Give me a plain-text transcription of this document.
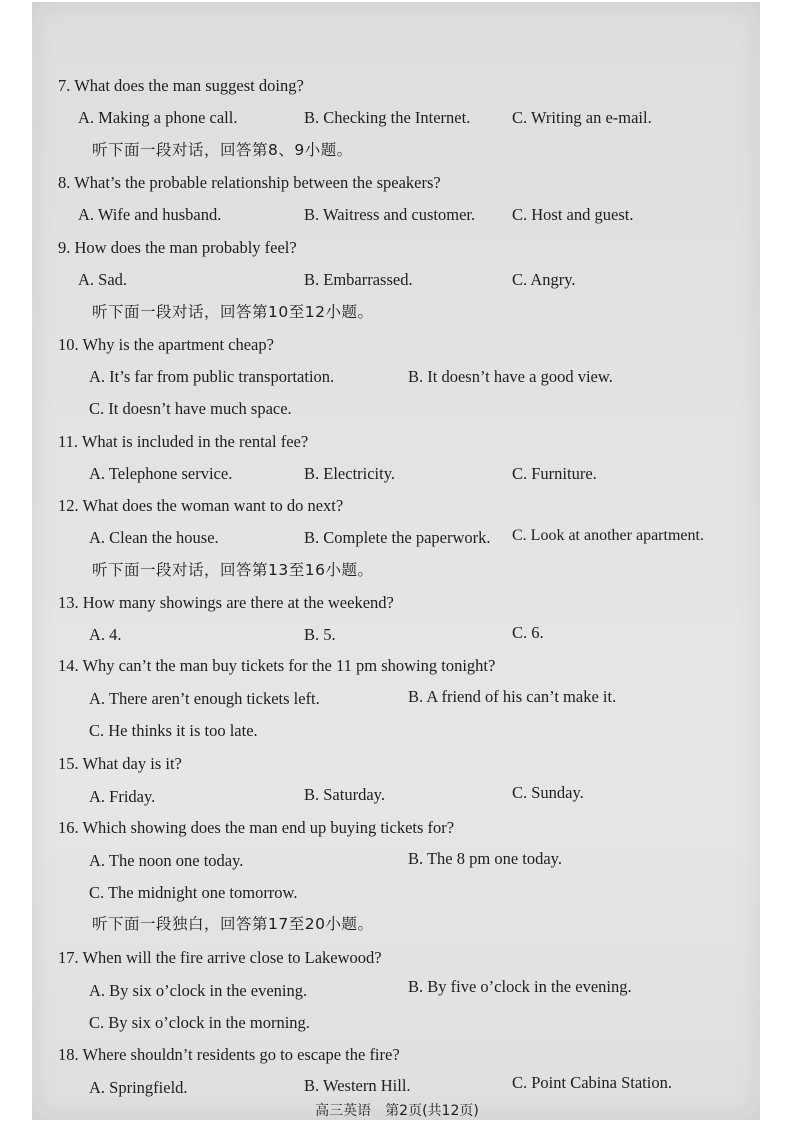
7. What does the man suggest doing?
A. Making a phone call.	B. Checking the Internet.	C. Writing an e-mail.
听下面一段对话，回答第8、9小题。
8. What’s the probable relationship between the speakers?
A. Wife and husband.	B. Waitress and customer. C. Host and guest.
9. How does the man probably feel?
A. Sad.	B. Embarrassed.	C. Angry.
听下面一段对话，回答第10至12小题。
10. Why is the apartment cheap?
A. It’s far from public transportation.	B. It doesn’t have a good view.
C. It doesn’t have much space.
11. What is included in the rental fee?
A. Telephone service.	B. Electricity.	C. Furniture.
12. What does the woman want to do next?
A. Clean the house.	B. Complete the paperwork. C. Look at another apartment.
听下面一段对话，回答第13至16小题。
13. How many showings are there at the weekend?
A. 4.	B. 5.	C. 6.
14. Why can’t the man buy tickets for the 11 pm showing tonight?
A. There aren’t enough tickets left.	B. A friend of his can’t make it.
C. He thinks it is too late.
15. What day is it?
A. Friday.	B. Saturday.	C. Sunday.
16. Which showing does the man end up buying tickets for?
A. The noon one today.	B. The 8 pm one today.
C. The midnight one tomorrow.
听下面一段独白，回答第17至20小题。
17. When will the fire arrive close to Lakewood?
A. By six o’clock in the evening.	B. By five o’clock in the evening.
C. By six o’clock in the morning.
18. Where shouldn’t residents go to escape the fire?
A. Springfield.	B. Western Hill.	C. Point Cabina Station.
高三英语　第2页(共12页)
